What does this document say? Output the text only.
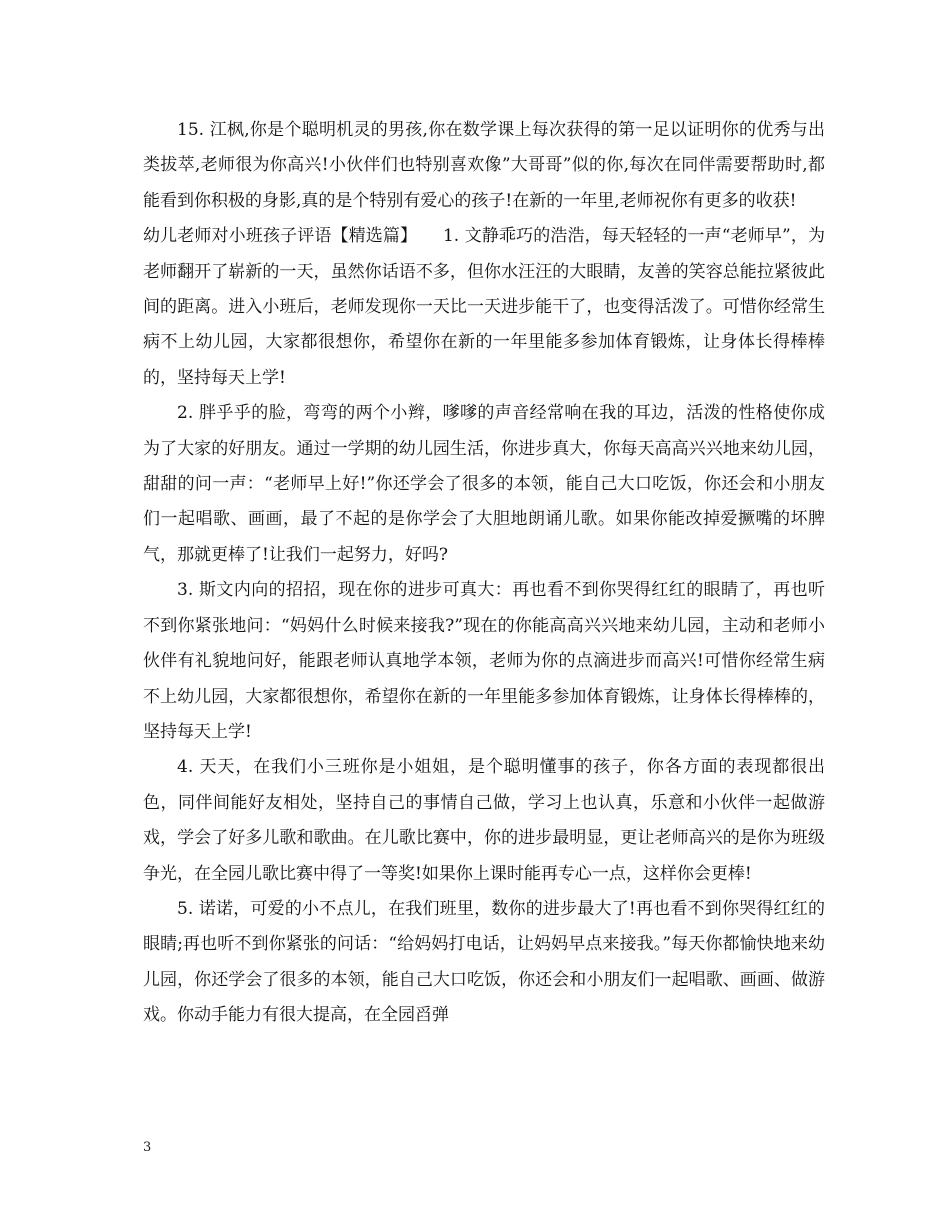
15. 江枫,你是个聪明机灵的男孩,你在数学课上每次获得的第一足以证明你的优秀与出类拔萃,老师很为你高兴!小伙伴们也特别喜欢像”大哥哥”似的你,每次在同伴需要帮助时,都能看到你积极的身影,真的是个特别有爱心的孩子!在新的一年里,老师祝你有更多的收获!

幼儿老师对小班孩子评语【精选篇】　　1. 文静乖巧的浩浩，每天轻轻的一声“老师早”，为老师翻开了崭新的一天，虽然你话语不多，但你水汪汪的大眼睛，友善的笑容总能拉紧彼此间的距离。进入小班后，老师发现你一天比一天进步能干了，也变得活泼了。可惜你经常生病不上幼儿园，大家都很想你，希望你在新的一年里能多参加体育锻炼，让身体长得棒棒的，坚持每天上学!

2. 胖乎乎的脸，弯弯的两个小辫，嗲嗲的声音经常响在我的耳边，活泼的性格使你成为了大家的好朋友。通过一学期的幼儿园生活，你进步真大，你每天高高兴兴地来幼儿园，甜甜的问一声：“老师早上好!”你还学会了很多的本领，能自己大口吃饭，你还会和小朋友们一起唱歌、画画，最了不起的是你学会了大胆地朗诵儿歌。如果你能改掉爱撅嘴的坏脾气，那就更棒了!让我们一起努力，好吗?

3. 斯文内向的招招，现在你的进步可真大：再也看不到你哭得红红的眼睛了，再也听不到你紧张地问：“妈妈什么时候来接我?”现在的你能高高兴兴地来幼儿园，主动和老师小伙伴有礼貌地问好，能跟老师认真地学本领，老师为你的点滴进步而高兴!可惜你经常生病不上幼儿园，大家都很想你，希望你在新的一年里能多参加体育锻炼，让身体长得棒棒的，坚持每天上学!

4. 天天，在我们小三班你是小姐姐，是个聪明懂事的孩子，你各方面的表现都很出色，同伴间能好友相处，坚持自己的事情自己做，学习上也认真，乐意和小伙伴一起做游戏，学会了好多儿歌和歌曲。在儿歌比赛中，你的进步最明显，更让老师高兴的是你为班级争光，在全园儿歌比赛中得了一等奖!如果你上课时能再专心一点，这样你会更棒!

5. 诺诺，可爱的小不点儿，在我们班里，数你的进步最大了!再也看不到你哭得红红的眼睛;再也听不到你紧张的问话：“给妈妈打电话，让妈妈早点来接我。”每天你都愉快地来幼儿园，你还学会了很多的本领，能自己大口吃饭，你还会和小朋友们一起唱歌、画画、做游戏。你动手能力有很大提高，在全园舀弹

3
